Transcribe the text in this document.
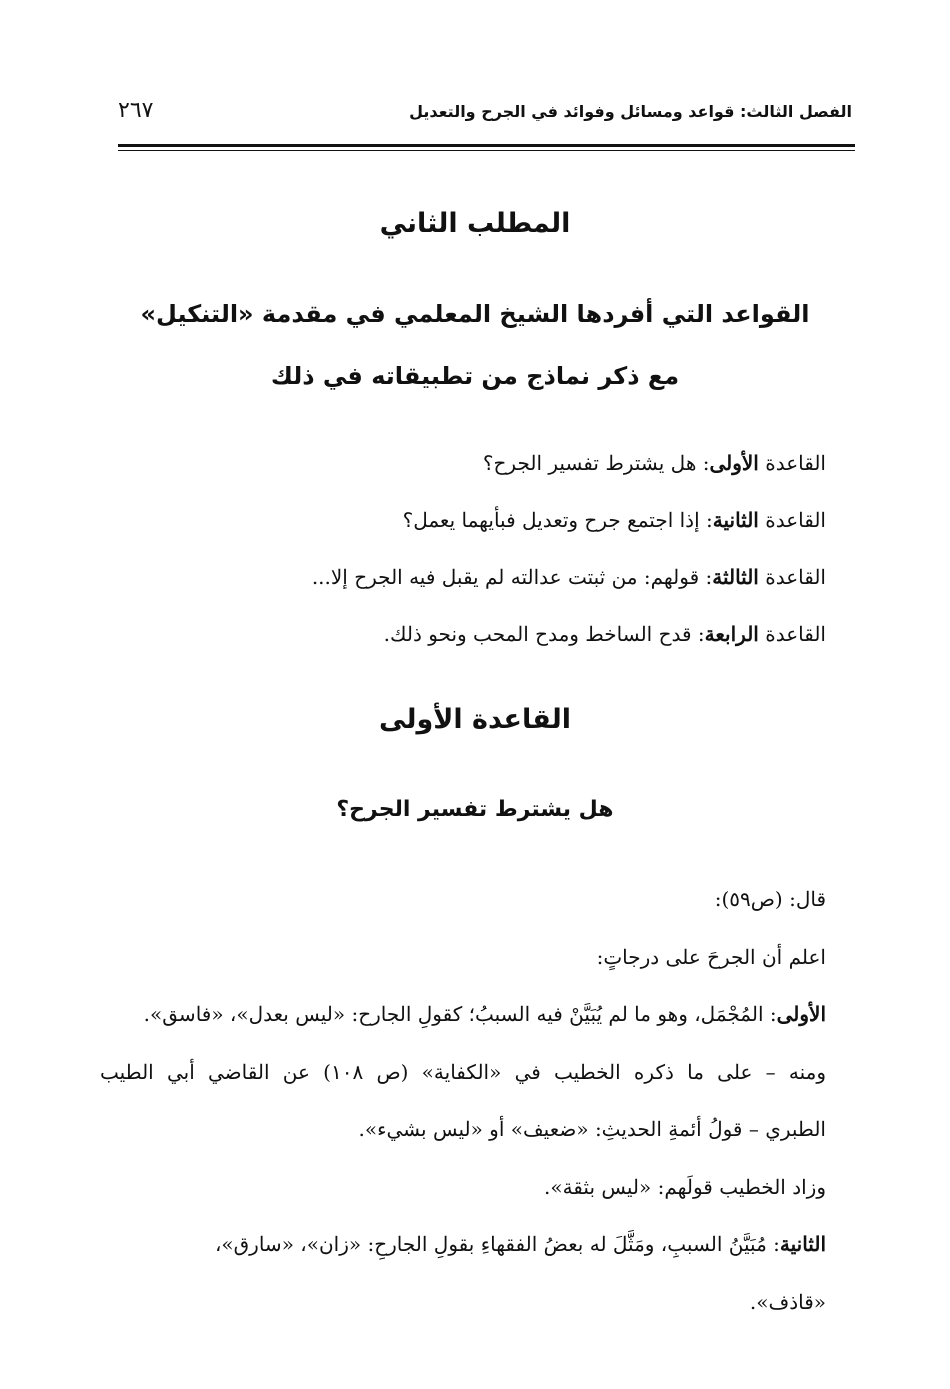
الفصل الثالث: قواعد ومسائل وفوائد في الجرح والتعديل
٢٦٧
المطلب الثاني
القواعد التي أفردها الشيخ المعلمي في مقدمة «التنكيل»
مع ذكر نماذج من تطبيقاته في ذلك
القاعدة الأولى: هل يشترط تفسير الجرح؟
القاعدة الثانية: إذا اجتمع جرح وتعديل فبأيهما يعمل؟
القاعدة الثالثة: قولهم: من ثبتت عدالته لم يقبل فيه الجرح إلا...
القاعدة الرابعة: قدح الساخط ومدح المحب ونحو ذلك.
القاعدة الأولى
هل يشترط تفسير الجرح؟
قال: (ص٥٩):
اعلم أن الجرحَ على درجاتٍ:
الأولى: المُجْمَل، وهو ما لم يُبَيَّنْ فيه السببُ؛ كقولِ الجارح: «ليس بعدل»، «فاسق».
ومنه – على ما ذكره الخطيب في «الكفاية» (ص ١٠٨) عن القاضي أبي الطيب
الطبري – قولُ أئمةِ الحديثِ: «ضعيف» أو «ليس بشيء».
وزاد الخطيب قولَهم: «ليس بثقة».
الثانية: مُبَيَّنُ السببِ، ومَثَّلَ له بعضُ الفقهاءِ بقولِ الجارحِ: «زان»، «سارق»،
«قاذف».
